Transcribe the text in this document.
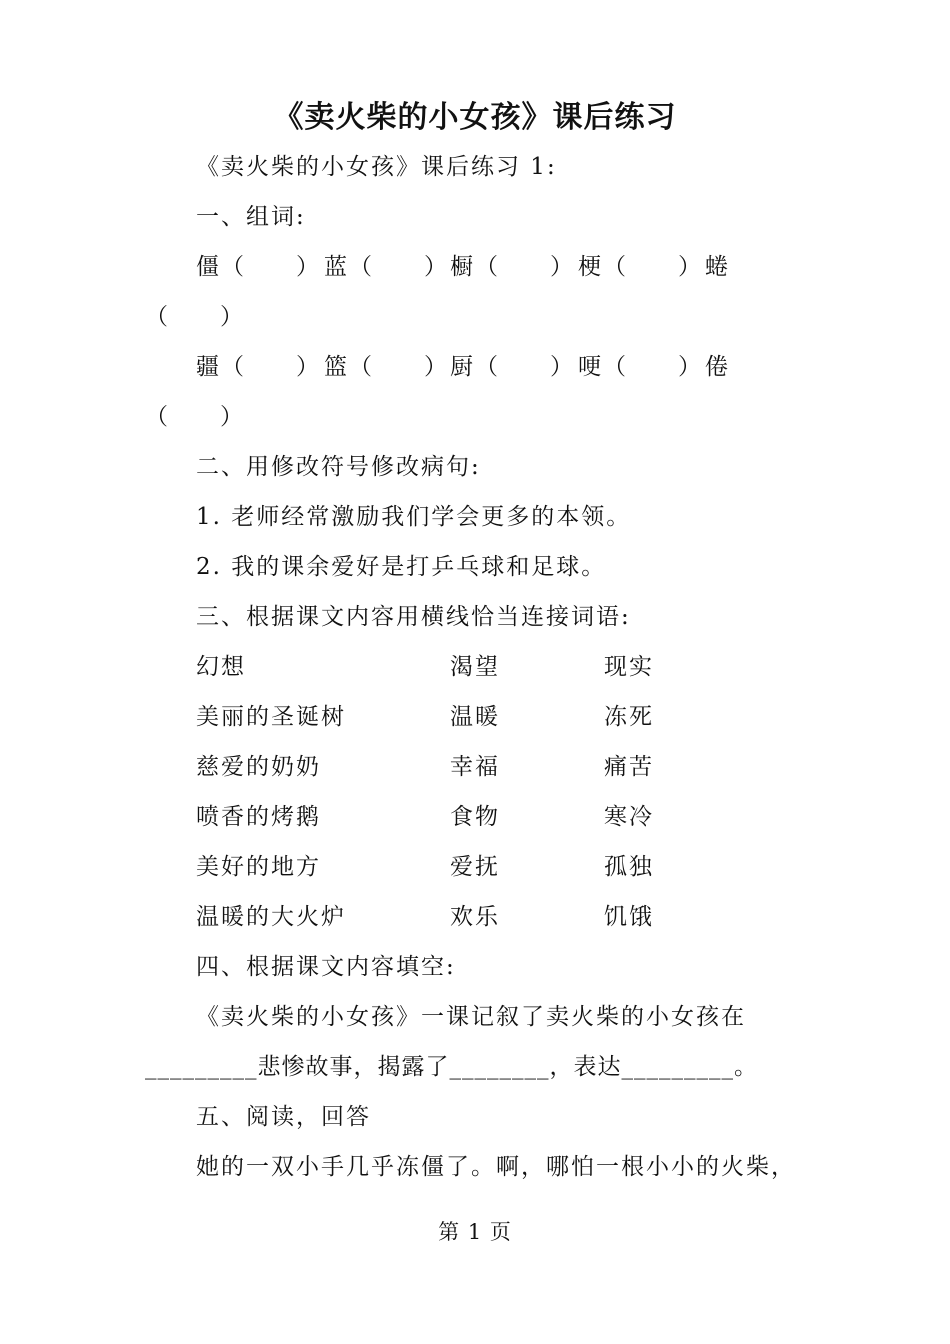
《卖火柴的小女孩》课后练习
《卖火柴的小女孩》课后练习 1:
一、组词:
僵（　　） 蓝（　　） 橱（　　） 梗（　　） 蜷
（　　）
疆（　　） 篮（　　） 厨（　　） 哽（　　） 倦
（　　）
二、用修改符号修改病句:
1. 老师经常激励我们学会更多的本领。
2. 我的课余爱好是打乒乓球和足球。
三、根据课文内容用横线恰当连接词语:
幻想	渴望	现实
美丽的圣诞树	温暖	冻死
慈爱的奶奶	幸福	痛苦
喷香的烤鹅	食物	寒冷
美好的地方	爱抚	孤独
温暖的大火炉	欢乐	饥饿
四、根据课文内容填空:
《卖火柴的小女孩》一课记叙了卖火柴的小女孩在
_________悲惨故事，揭露了________，表达_________。
五、阅读，回答
她的一双小手几乎冻僵了。啊，哪怕一根小小的火柴，
第 1 页
